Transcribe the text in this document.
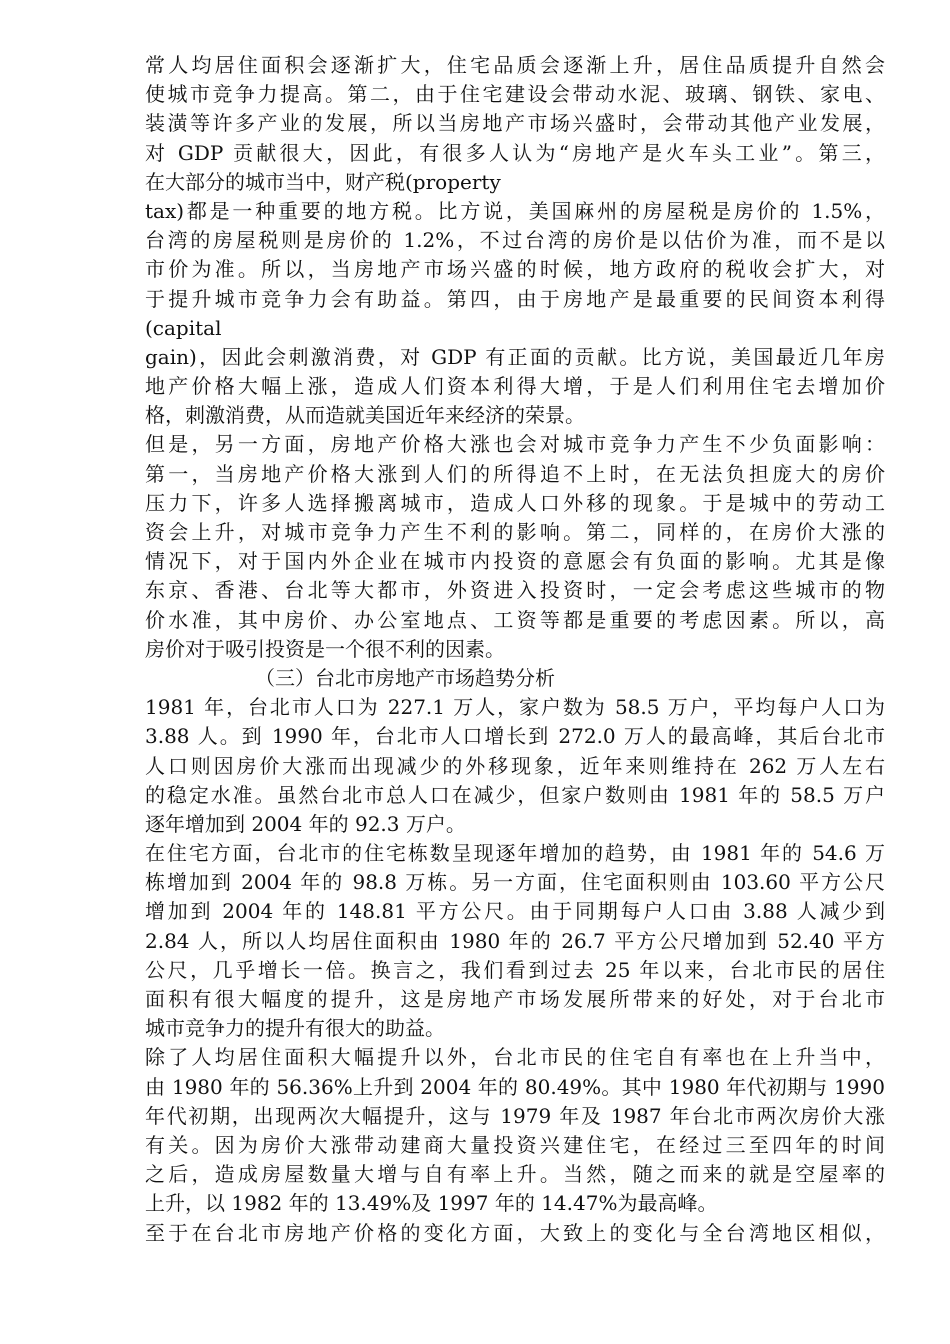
常人均居住面积会逐渐扩大，住宅品质会逐渐上升，居住品质提升自然会
使城市竞争力提高。第二，由于住宅建设会带动水泥、玻璃、钢铁、家电、
装潢等许多产业的发展，所以当房地产市场兴盛时，会带动其他产业发展，
对 GDP 贡献很大，因此，有很多人认为“房地产是火车头工业”。第三，
在大部分的城市当中，财产税(property
tax)都是一种重要的地方税。比方说，美国麻州的房屋税是房价的 1.5%，
台湾的房屋税则是房价的 1.2%，不过台湾的房价是以估价为准，而不是以
市价为准。所以，当房地产市场兴盛的时候，地方政府的税收会扩大，对
于提升城市竞争力会有助益。第四，由于房地产是最重要的民间资本利得
(capital
gain)，因此会刺激消费，对 GDP 有正面的贡献。比方说，美国最近几年房
地产价格大幅上涨，造成人们资本利得大增，于是人们利用住宅去增加价
格，刺激消费，从而造就美国近年来经济的荣景。
但是，另一方面，房地产价格大涨也会对城市竞争力产生不少负面影响：
第一，当房地产价格大涨到人们的所得追不上时，在无法负担庞大的房价
压力下，许多人选择搬离城市，造成人口外移的现象。于是城中的劳动工
资会上升，对城市竞争力产生不利的影响。第二，同样的，在房价大涨的
情况下，对于国内外企业在城市内投资的意愿会有负面的影响。尤其是像
东京、香港、台北等大都市，外资进入投资时，一定会考虑这些城市的物
价水准，其中房价、办公室地点、工资等都是重要的考虑因素。所以，高
房价对于吸引投资是一个很不利的因素。
（三）台北市房地产市场趋势分析
1981 年，台北市人口为 227.1 万人，家户数为 58.5 万户，平均每户人口为
3.88 人。到 1990 年，台北市人口增长到 272.0 万人的最高峰，其后台北市
人口则因房价大涨而出现减少的外移现象，近年来则维持在 262 万人左右
的稳定水准。虽然台北市总人口在减少，但家户数则由 1981 年的 58.5 万户
逐年增加到 2004 年的 92.3 万户。
在住宅方面，台北市的住宅栋数呈现逐年增加的趋势，由 1981 年的 54.6 万
栋增加到 2004 年的 98.8 万栋。另一方面，住宅面积则由 103.60 平方公尺
增加到 2004 年的 148.81 平方公尺。由于同期每户人口由 3.88 人减少到
2.84 人，所以人均居住面积由 1980 年的 26.7 平方公尺增加到 52.40 平方
公尺，几乎增长一倍。换言之，我们看到过去 25 年以来，台北市民的居住
面积有很大幅度的提升，这是房地产市场发展所带来的好处，对于台北市
城市竞争力的提升有很大的助益。
除了人均居住面积大幅提升以外，台北市民的住宅自有率也在上升当中，
由 1980 年的 56.36%上升到 2004 年的 80.49%。其中 1980 年代初期与 1990
年代初期，出现两次大幅提升，这与 1979 年及 1987 年台北市两次房价大涨
有关。因为房价大涨带动建商大量投资兴建住宅，在经过三至四年的时间
之后，造成房屋数量大增与自有率上升。当然，随之而来的就是空屋率的
上升，以 1982 年的 13.49%及 1997 年的 14.47%为最高峰。
至于在台北市房地产价格的变化方面，大致上的变化与全台湾地区相似，
